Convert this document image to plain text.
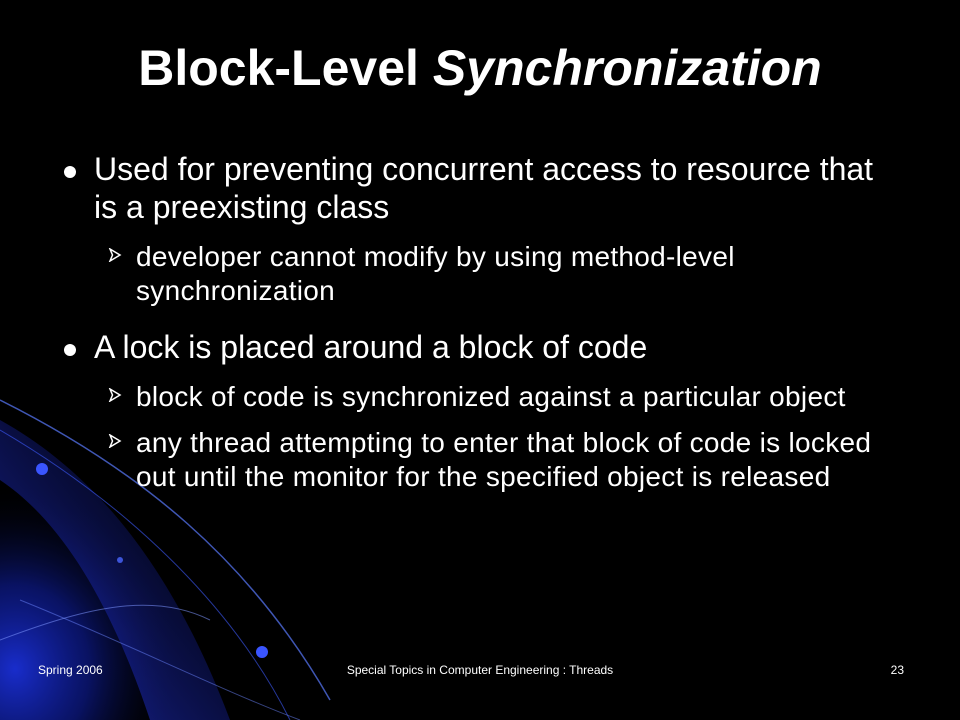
Block-Level Synchronization
Used for preventing concurrent access to resource that is a preexisting class
developer cannot modify by using method-level synchronization
A lock is placed around a block of code
block of code is synchronized against a particular object
any thread attempting to enter that block of code is locked out until the monitor for the specified object is released
Spring 2006	Special Topics in Computer Engineering : Threads	23
